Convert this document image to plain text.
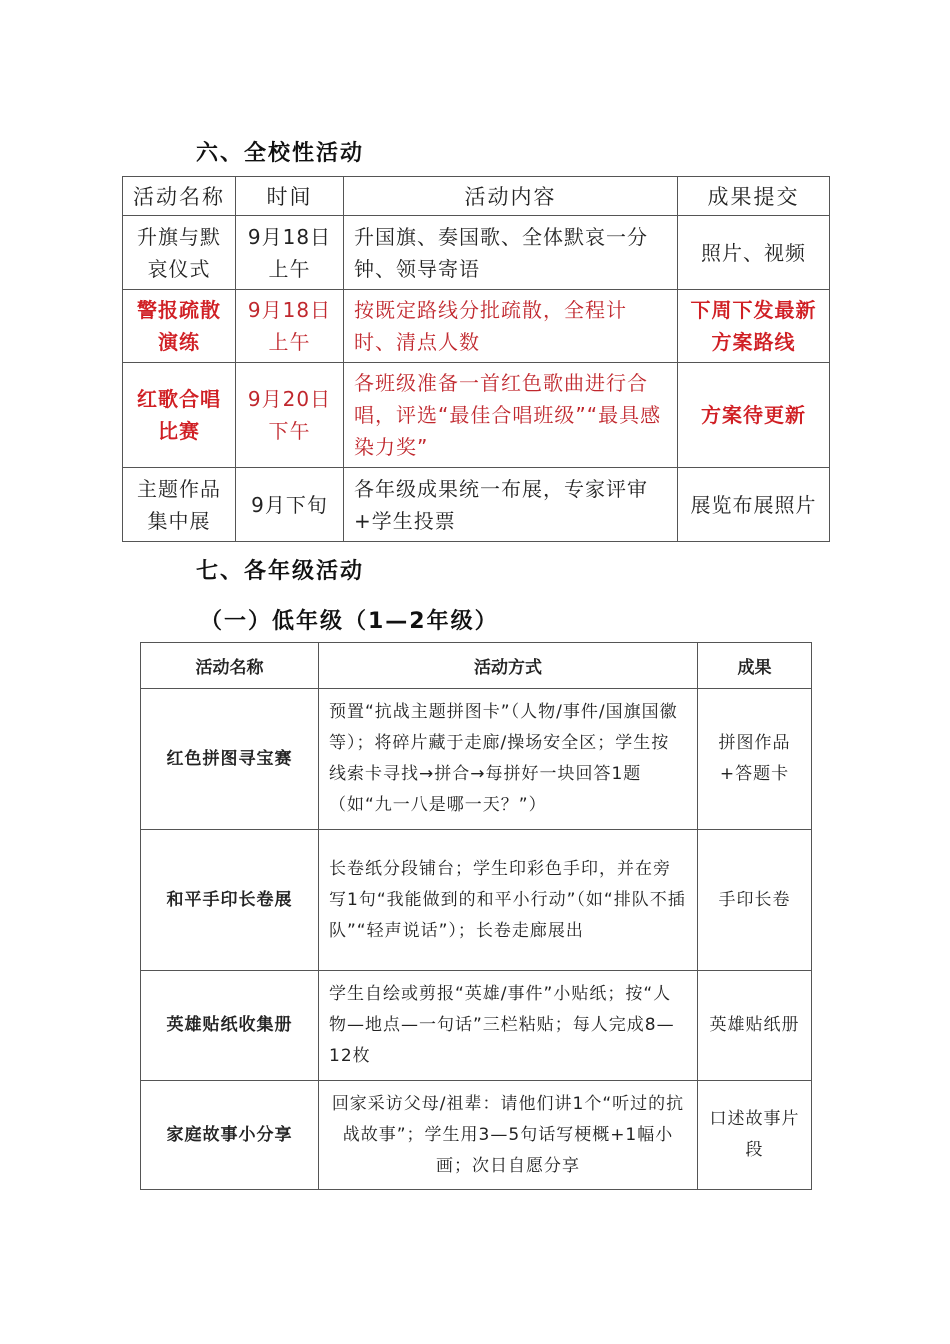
六、全校性活动
活动名称	时间	活动内容	成果提交
升旗与默哀仪式	9月18日上午	升国旗、奏国歌、全体默哀一分钟、领导寄语	照片、视频
警报疏散演练	9月18日上午	按既定路线分批疏散，全程计时、清点人数	下周下发最新方案路线
红歌合唱比赛	9月20日下午	各班级准备一首红色歌曲进行合唱，评选“最佳合唱班级”“最具感染力奖”	方案待更新
主题作品集中展	9月下旬	各年级成果统一布展，专家评审+学生投票	展览布展照片
七、各年级活动
（一）低年级（1—2年级）
活动名称	活动方式	成果
红色拼图寻宝赛	预置“抗战主题拼图卡”（人物/事件/国旗国徽等）；将碎片藏于走廊/操场安全区；学生按线索卡寻找→拼合→每拼好一块回答1题（如“九一八是哪一天？”）	拼图作品+答题卡
和平手印长卷展	长卷纸分段铺台；学生印彩色手印，并在旁写1句“我能做到的和平小行动”（如“排队不插队”“轻声说话”）；长卷走廊展出	手印长卷
英雄贴纸收集册	学生自绘或剪报“英雄/事件”小贴纸；按“人物—地点—一句话”三栏粘贴；每人完成8—12枚	英雄贴纸册
家庭故事小分享	回家采访父母/祖辈：请他们讲1个“听过的抗战故事”；学生用3—5句话写梗概+1幅小画；次日自愿分享	口述故事片段
